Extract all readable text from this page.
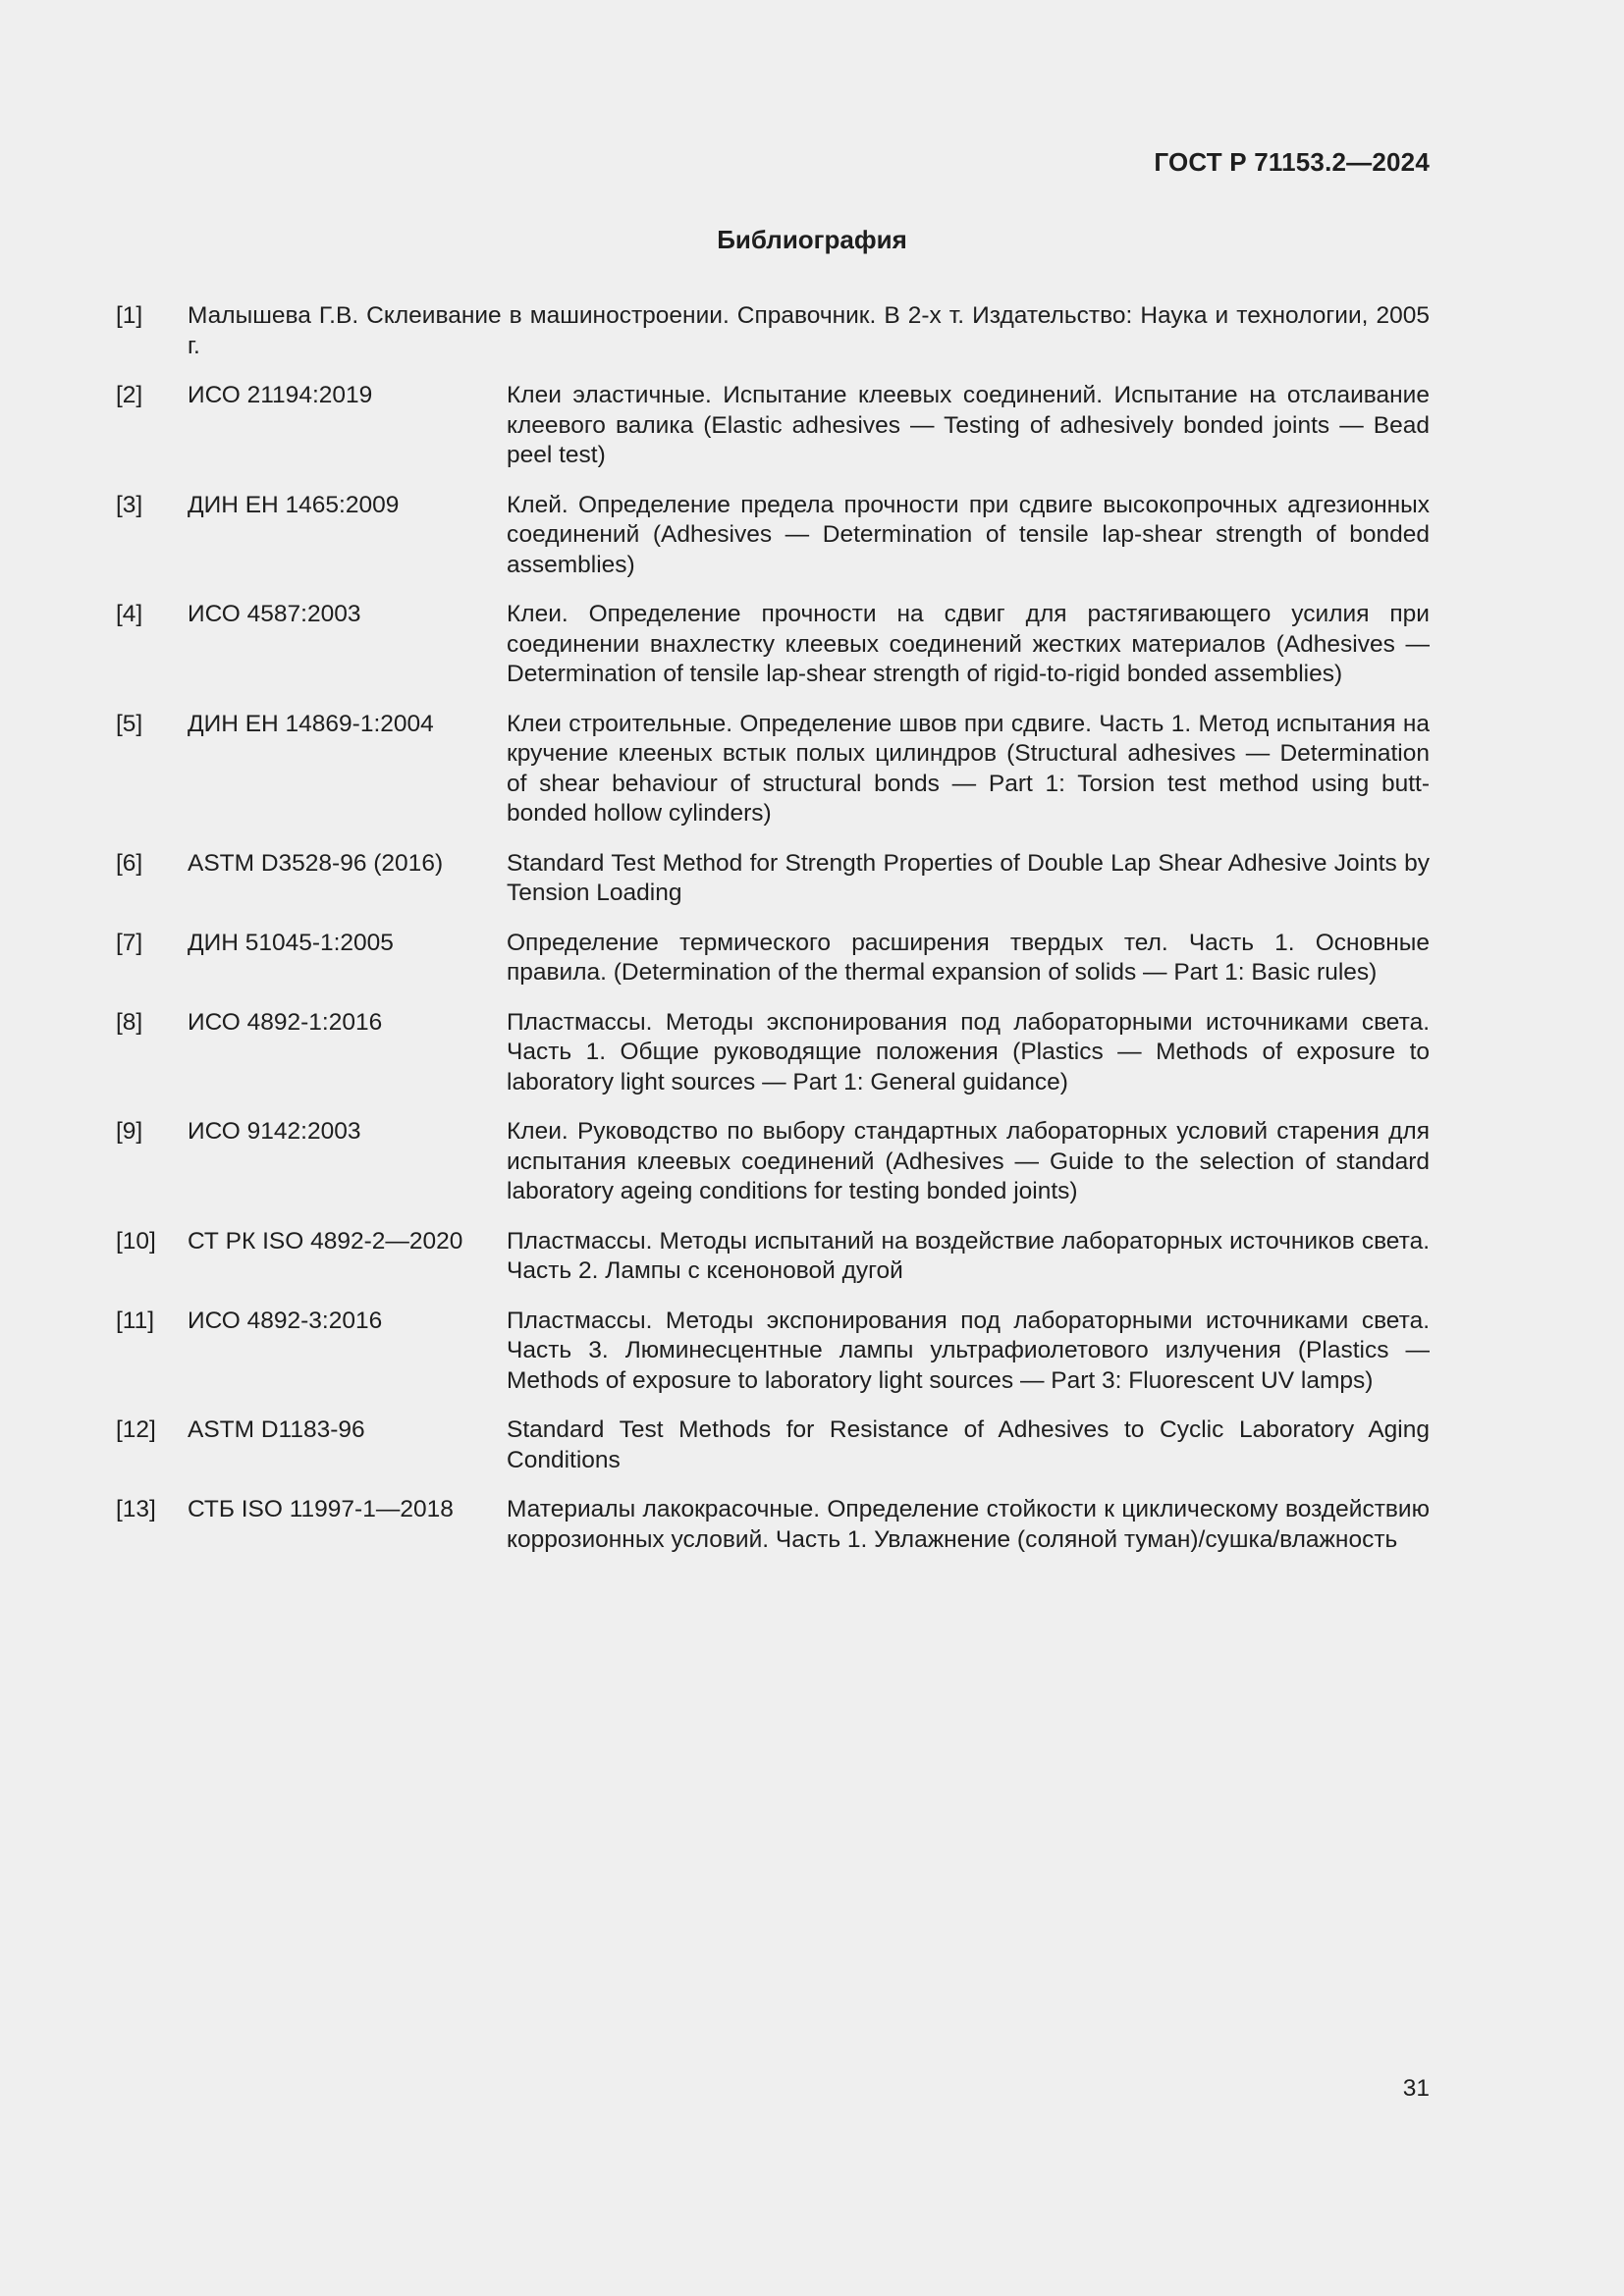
ГОСТ Р 71153.2—2024
Библиография
[1]	Малышева Г.В. Склеивание в машиностроении. Справочник. В 2-х т. Издательство: Наука и технологии, 2005 г.
[2]	ИСО 21194:2019	Клеи эластичные. Испытание клеевых соединений. Испытание на отслаивание клеевого валика (Elastic adhesives — Testing of adhesively bonded joints — Bead peel test)
[3]	ДИН ЕН 1465:2009	Клей. Определение предела прочности при сдвиге высокопрочных адгезионных соединений (Adhesives — Determination of tensile lap-shear strength of bonded assemblies)
[4]	ИСО 4587:2003	Клеи. Определение прочности на сдвиг для растягивающего усилия при соединении внахлестку клеевых соединений жестких материалов (Adhesives — Determination of tensile lap-shear strength of rigid-to-rigid bonded assemblies)
[5]	ДИН ЕН 14869-1:2004	Клеи строительные. Определение швов при сдвиге. Часть 1. Метод испытания на кручение клееных встык полых цилиндров (Structural adhesives — Determination of shear behaviour of structural bonds — Part 1: Torsion test method using butt-bonded hollow cylinders)
[6]	ASTM D3528-96 (2016)	Standard Test Method for Strength Properties of Double Lap Shear Adhesive Joints by Tension Loading
[7]	ДИН 51045-1:2005	Определение термического расширения твердых тел. Часть 1. Основные правила. (Determination of the thermal expansion of solids — Part 1: Basic rules)
[8]	ИСО 4892-1:2016	Пластмассы. Методы экспонирования под лабораторными источниками света. Часть 1. Общие руководящие положения (Plastics — Methods of exposure to laboratory light sources — Part 1: General guidance)
[9]	ИСО 9142:2003	Клеи. Руководство по выбору стандартных лабораторных условий старения для испытания клеевых соединений (Adhesives — Guide to the selection of standard laboratory ageing conditions for testing bonded joints)
[10]	СТ РК ISO 4892-2—2020	Пластмассы. Методы испытаний на воздействие лабораторных источников света. Часть 2. Лампы с ксеноновой дугой
[11]	ИСО 4892-3:2016	Пластмассы. Методы экспонирования под лабораторными источниками света. Часть 3. Люминесцентные лампы ультрафиолетового излучения (Plastics — Methods of exposure to laboratory light sources — Part 3: Fluorescent UV lamps)
[12]	ASTM D1183-96	Standard Test Methods for Resistance of Adhesives to Cyclic Laboratory Aging Conditions
[13]	СТБ ISO 11997-1—2018	Материалы лакокрасочные. Определение стойкости к циклическому воздействию коррозионных условий. Часть 1. Увлажнение (соляной туман)/сушка/влажность
31
